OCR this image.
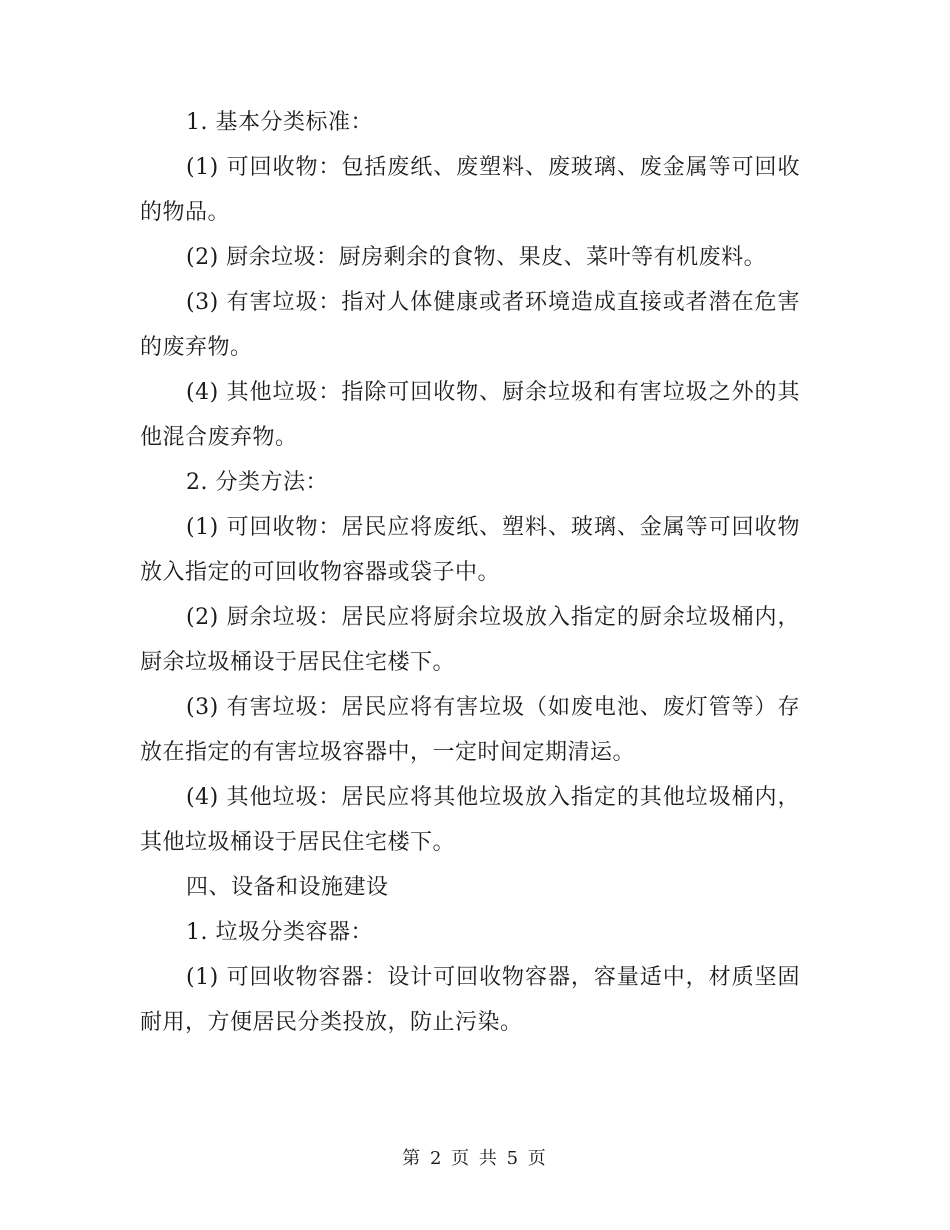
1. 基本分类标准：

(1) 可回收物：包括废纸、废塑料、废玻璃、废金属等可回收的物品。

(2) 厨余垃圾：厨房剩余的食物、果皮、菜叶等有机废料。

(3) 有害垃圾：指对人体健康或者环境造成直接或者潜在危害的废弃物。

(4) 其他垃圾：指除可回收物、厨余垃圾和有害垃圾之外的其他混合废弃物。

2. 分类方法：

(1) 可回收物：居民应将废纸、塑料、玻璃、金属等可回收物放入指定的可回收物容器或袋子中。

(2) 厨余垃圾：居民应将厨余垃圾放入指定的厨余垃圾桶内，厨余垃圾桶设于居民住宅楼下。

(3) 有害垃圾：居民应将有害垃圾（如废电池、废灯管等）存放在指定的有害垃圾容器中，一定时间定期清运。

(4) 其他垃圾：居民应将其他垃圾放入指定的其他垃圾桶内，其他垃圾桶设于居民住宅楼下。

四、设备和设施建设

1. 垃圾分类容器：

(1) 可回收物容器：设计可回收物容器，容量适中，材质坚固耐用，方便居民分类投放，防止污染。

第 2 页 共 5 页
